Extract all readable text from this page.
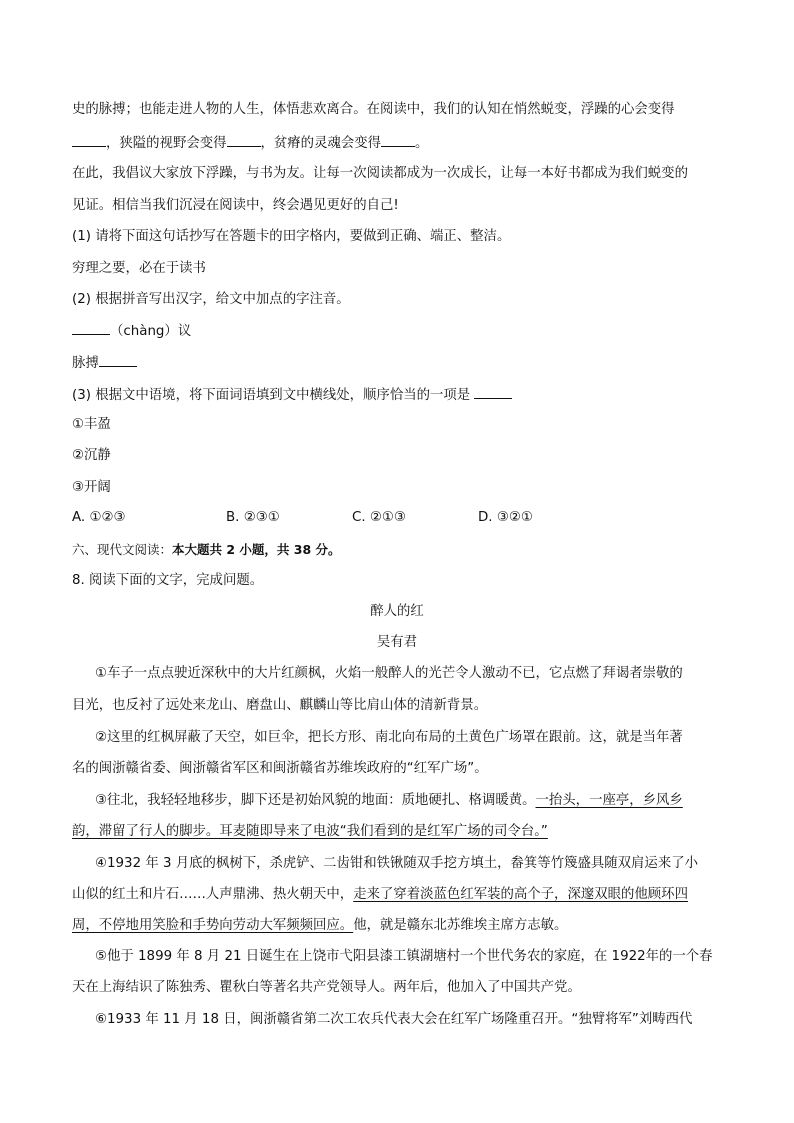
史的脉搏；也能走进人物的人生，体悟悲欢离合。在阅读中，我们的认知在悄然蜕变，浮躁的心会变得
，狭隘的视野会变得	，贫瘠的灵魂会变得	。
在此，我倡议大家放下浮躁，与书为友。让每一次阅读都成为一次成长，让每一本好书都成为我们蜕变的
见证。相信当我们沉浸在阅读中，终会遇见更好的自己!
(1) 请将下面这句话抄写在答题卡的田字格内，要做到正确、端正、整洁。
穷理之要，必在于读书
(2) 根据拼音写出汉字，给文中加点的字注音。
（chàng）议
脉搏
(3) 根据文中语境，将下面词语填到文中横线处，顺序恰当的一项是
①丰盈
②沉静
③开阔
A. ①②③	B. ②③①	C. ②①③	D. ③②①
六、现代文阅读：本大题共 2 小题，共 38 分。
8. 阅读下面的文字，完成问题。
醉人的红
吴有君
①车子一点点驶近深秋中的大片红颜枫，火焰一般醉人的光芒令人激动不已，它点燃了拜谒者崇敬的
目光，也反衬了远处来龙山、磨盘山、麒麟山等比肩山体的清新背景。
②这里的红枫屏蔽了天空，如巨伞，把长方形、南北向布局的土黄色广场罩在跟前。这，就是当年著
名的闽浙赣省委、闽浙赣省军区和闽浙赣省苏维埃政府的“红军广场”。
③往北，我轻轻地移步，脚下还是初始风貌的地面：质地硬扎、格调暖黄。一抬头，一座亭，乡风乡
韵，滞留了行人的脚步。耳麦随即导来了电波“我们看到的是红军广场的司令台。”
④1932 年 3 月底的枫树下，杀虎铲、二齿钳和铁锹随双手挖方填土，畚箕等竹篾盛具随双肩运来了小
山似的红土和片石……人声鼎沸、热火朝天中，走来了穿着淡蓝色红军装的高个子，深邃双眼的他顾环四
周，不停地用笑脸和手势向劳动大军频频回应。他，就是赣东北苏维埃主席方志敏。
⑤他于 1899 年 8 月 21 日诞生在上饶市弋阳县漆工镇湖塘村一个世代务农的家庭，在 1922年的一个春
天在上海结识了陈独秀、瞿秋白等著名共产党领导人。两年后，他加入了中国共产党。
⑥1933 年 11 月 18 日，闽浙赣省第二次工农兵代表大会在红军广场隆重召开。“独臂将军”刘畴西代
